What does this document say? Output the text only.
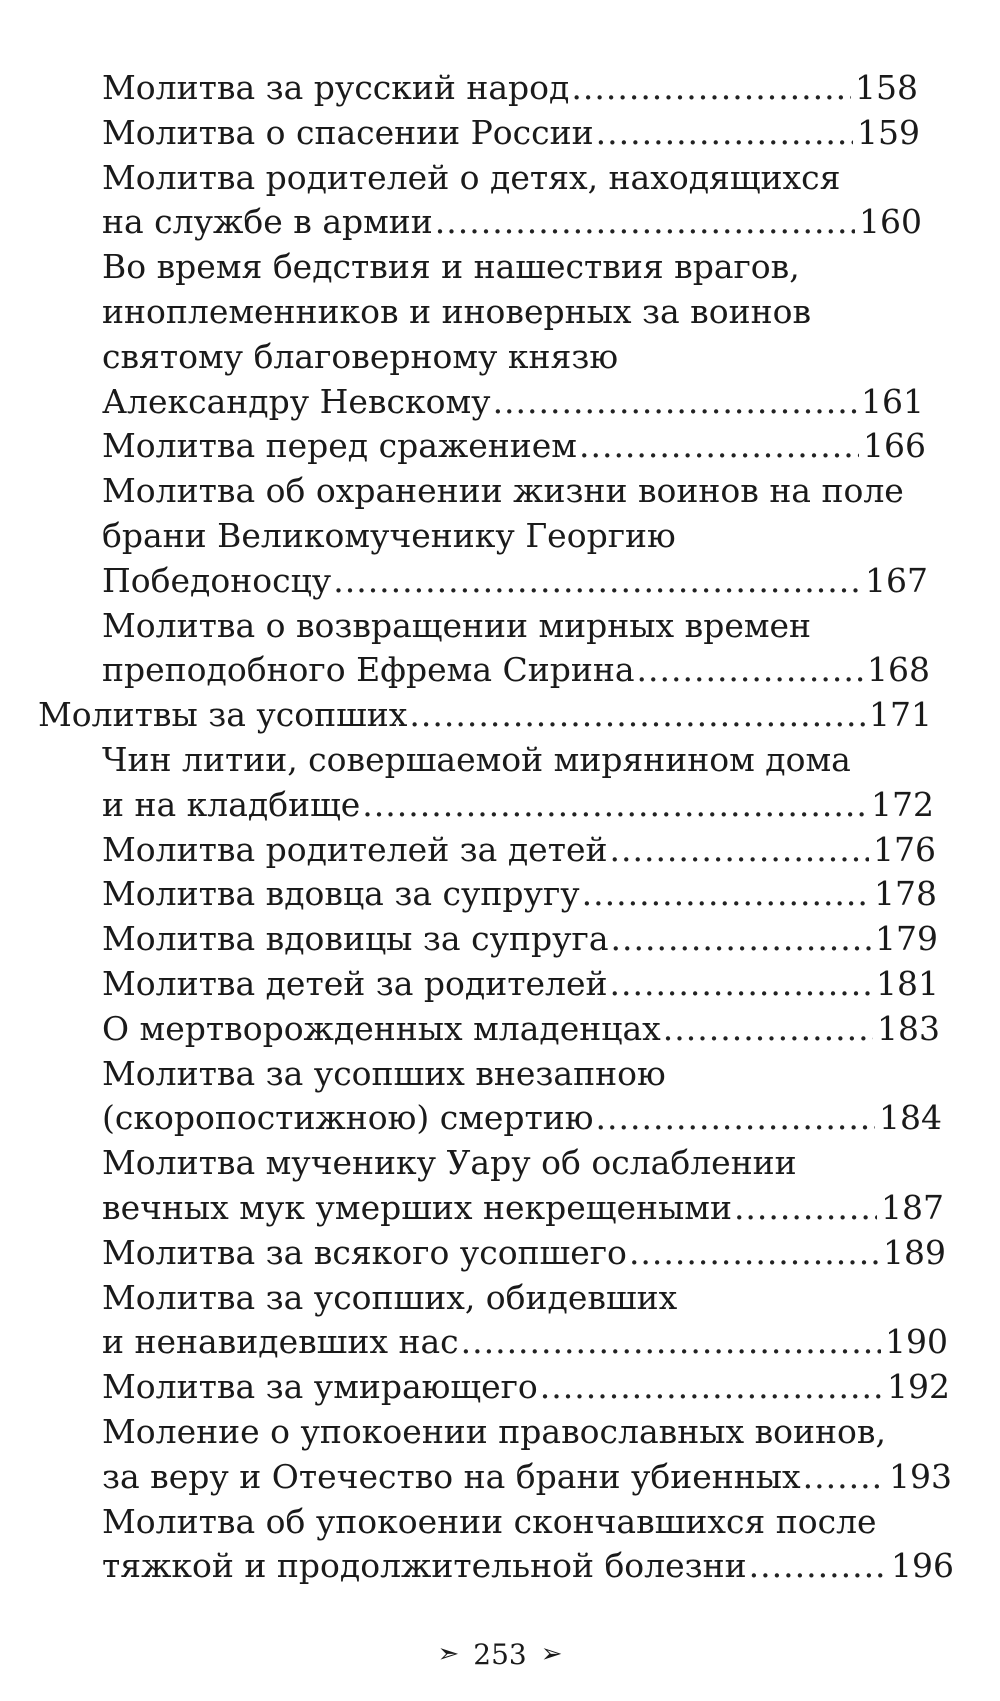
Молитва за русский народ .....	158
Молитва о спасении России .....	159
Молитва родителей о детях, находящихся
на службе в армии .....	160
Во время бедствия и нашествия врагов,
иноплеменников и иноверных за воинов
святому благоверному князю
Александру Невскому .....	161
Молитва перед сражением .....	166
Молитва об охранении жизни воинов на поле
брани Великомученику Георгию
Победоносцу .....	167
Молитва о возвращении мирных времен
преподобного Ефрема Сирина .....	168
Молитвы за усопших .....	171
Чин литии, совершаемой мирянином дома
и на кладбище .....	172
Молитва родителей за детей .....	176
Молитва вдовца за супругу .....	178
Молитва вдовицы за супруга .....	179
Молитва детей за родителей .....	181
О мертворожденных младенцах .....	183
Молитва за усопших внезапною
(скоропостижною) смертию .....	184
Молитва мученику Уару об ослаблении
вечных мук умерших некрещеными .....	187
Молитва за всякого усопшего .....	189
Молитва за усопших, обидевших
и ненавидевших нас .....	190
Молитва за умирающего .....	192
Моление о упокоении православных воинов,
за веру и Отечество на брани убиенных .....	193
Молитва об упокоении скончавшихся после
тяжкой и продолжительной болезни .....	196
➣ 253 ➢
